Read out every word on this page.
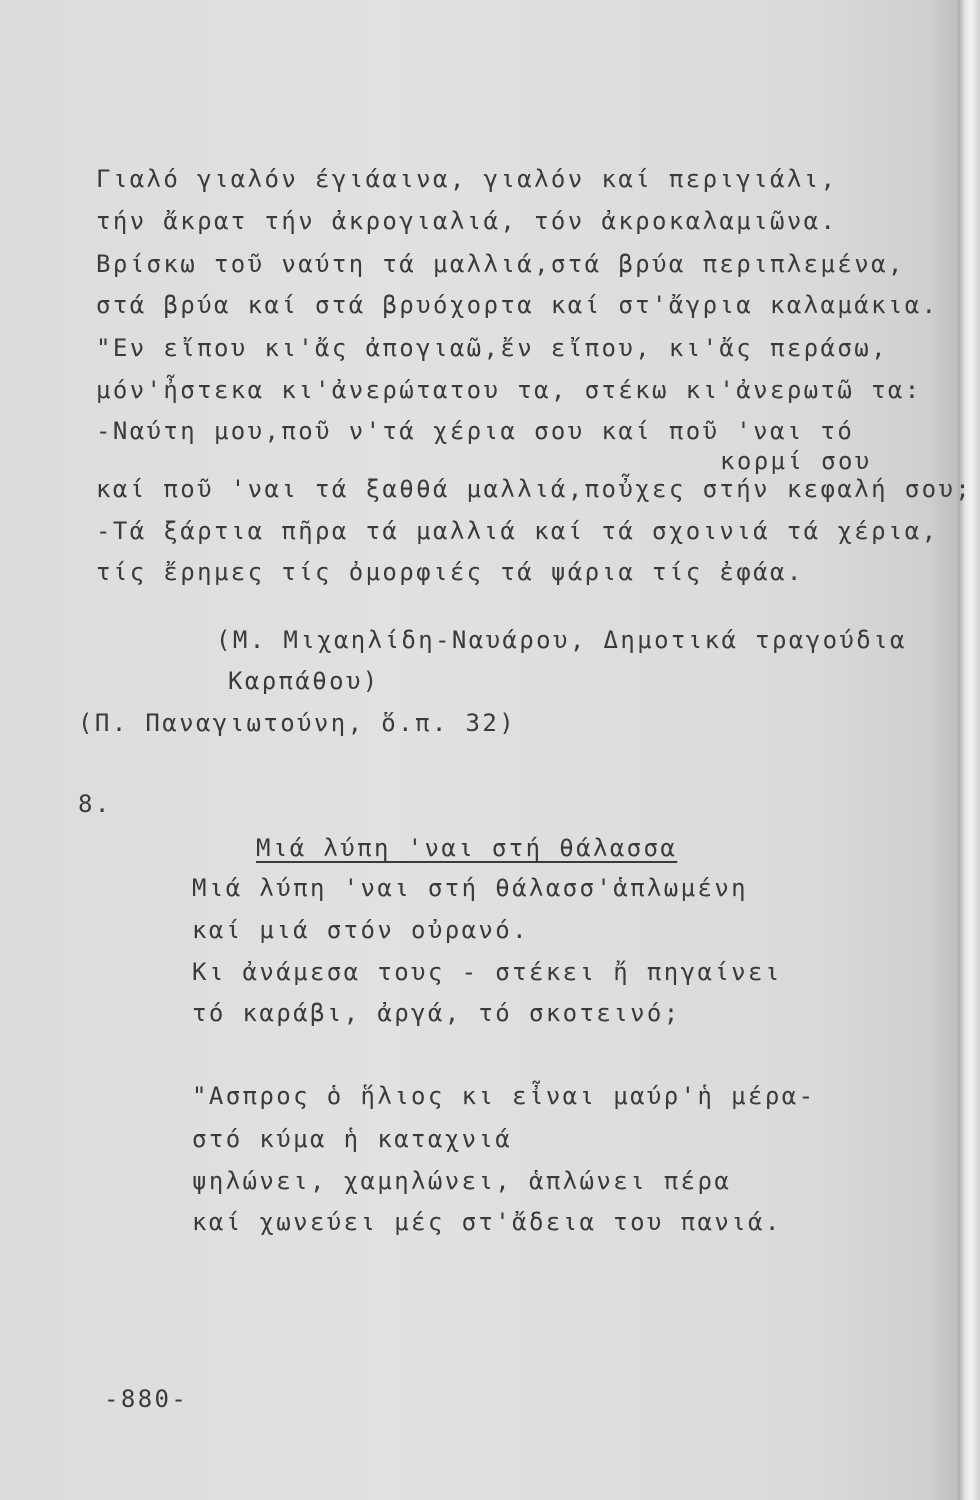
Γιαλό γιαλόν έγιάαινα, γιαλόν καί περιγιάλι,
τήν ἄκρατ τήν ἀκρογιαλιά, τόν ἀκροκαλαμιῶνα.
Βρίσκω τοῦ ναύτη τά μαλλιά,στά βρύα περιπλεμένα,
στά βρύα καί στά βρυόχορτα καί στ'ἄγρια καλαμάκια.
"Εν εἴπου κι'ἄς ἀπογιαῶ,ἔν εἴπου, κι'ἄς περάσω,
μόν'ἦστεκα κι'ἀνερώτατου τα, στέκω κι'ἀνερωτῶ τα:
-Ναύτη μου,ποῦ ν'τά χέρια σου καί ποῦ 'ναι τό
κορμί σου
καί ποῦ 'ναι τά ξαθθά μαλλιά,ποὖχες στήν κεφαλή σου;
-Τά ξάρτια πῆρα τά μαλλιά καί τά σχοινιά τά χέρια,
τίς ἔρημες τίς ὀμορφιές τά ψάρια τίς ἐφάα.
(Μ. Μιχαηλίδη-Ναυάρου, Δημοτικά τραγούδια
Καρπάθου)
(Π. Παναγιωτούνη, ὅ.π. 32)
8.
Μιά λύπη 'ναι στή θάλασσα
Μιά λύπη 'ναι στή θάλασσ'ἁπλωμένη
καί μιά στόν οὐρανό.
Κι ἀνάμεσα τους - στέκει ἤ πηγαίνει
τό καράβι, ἀργά, τό σκοτεινό;
"Ασπρος ὁ ἥλιος κι εἶναι μαύρ'ἡ μέρα-
στό κύμα ἡ καταχνιά
ψηλώνει, χαμηλώνει, ἁπλώνει πέρα
καί χωνεύει μές στ'ἄδεια του πανιά.
-880-
